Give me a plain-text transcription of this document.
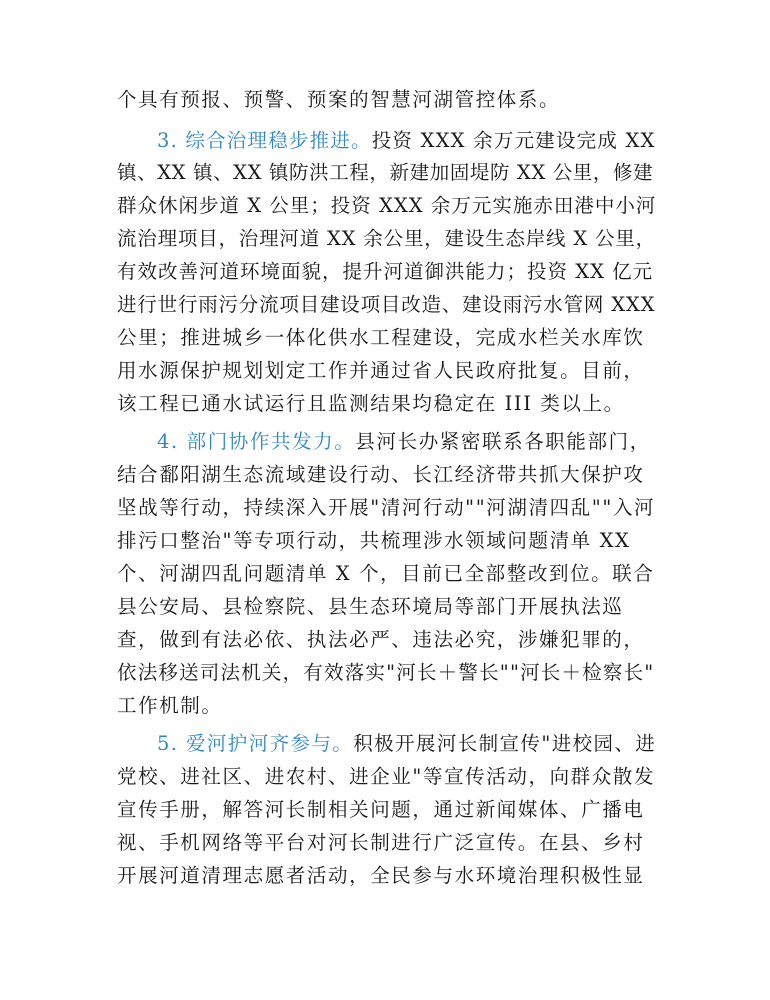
个具有预报、预警、预案的智慧河湖管控体系。
3. 综合治理稳步推进。投资 XXX 余万元建设完成 XX
镇、XX 镇、XX 镇防洪工程，新建加固堤防 XX 公里，修建
群众休闲步道 X 公里；投资 XXX 余万元实施赤田港中小河
流治理项目，治理河道 XX 余公里，建设生态岸线 X 公里，
有效改善河道环境面貌，提升河道御洪能力；投资 XX 亿元
进行世行雨污分流项目建设项目改造、建设雨污水管网 XXX
公里；推进城乡一体化供水工程建设，完成水栏关水库饮
用水源保护规划划定工作并通过省人民政府批复。目前，
该工程已通水试运行且监测结果均稳定在 III 类以上。
4. 部门协作共发力。县河长办紧密联系各职能部门，
结合鄱阳湖生态流域建设行动、长江经济带共抓大保护攻
坚战等行动，持续深入开展"清河行动""河湖清四乱""入河
排污口整治"等专项行动，共梳理涉水领域问题清单 XX
个、河湖四乱问题清单 X 个，目前已全部整改到位。联合
县公安局、县检察院、县生态环境局等部门开展执法巡
查，做到有法必依、执法必严、违法必究，涉嫌犯罪的，
依法移送司法机关，有效落实"河长＋警长""河长＋检察长"
工作机制。
5. 爱河护河齐参与。积极开展河长制宣传"进校园、进
党校、进社区、进农村、进企业"等宣传活动，向群众散发
宣传手册，解答河长制相关问题，通过新闻媒体、广播电
视、手机网络等平台对河长制进行广泛宣传。在县、乡村
开展河道清理志愿者活动，全民参与水环境治理积极性显
